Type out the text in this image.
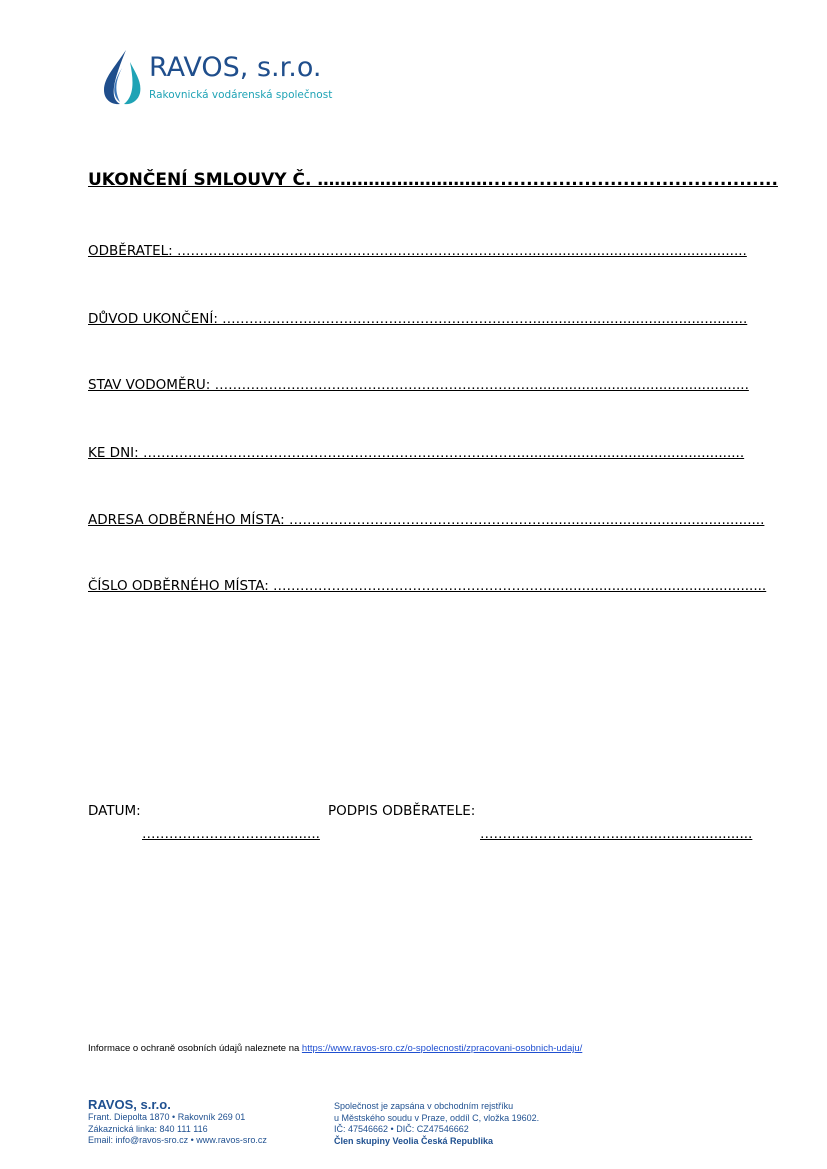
RAVOS, s.r.o.
Rakovnická vodárenská společnost
UKONČENÍ SMLOUVY Č. ………………………….............................................
ODBĚRATEL: ……………………………………………………………………...................................................
DŮVOD UKONČENÍ: ……………………………………………………………..................................................
STAV VODOMĚRU: ……………………………………………………………….................................................
KE DNI: …………………………………………………………………………....................................................
ADRESA ODBĚRNÉHO MÍSTA: …………………………………………………...................................................
ČÍSLO ODBĚRNÉHO MÍSTA: ……………………………………………………....................................................
DATUM:	PODPIS ODBĚRATELE:
…………………………..........	…………………………................................
Informace o ochraně osobních údajů naleznete na https://www.ravos-sro.cz/o-spolecnosti/zpracovani-osobnich-udaju/
RAVOS, s.r.o.
Frant. Diepolta 1870 • Rakovník 269 01
Zákaznická linka: 840 111 116
Email: info@ravos-sro.cz • www.ravos-sro.cz
Společnost je zapsána v obchodním rejstříku
u Městského soudu v Praze, oddíl C, vložka 19602.
IČ: 47546662 • DIČ: CZ47546662
Člen skupiny Veolia Česká Republika
